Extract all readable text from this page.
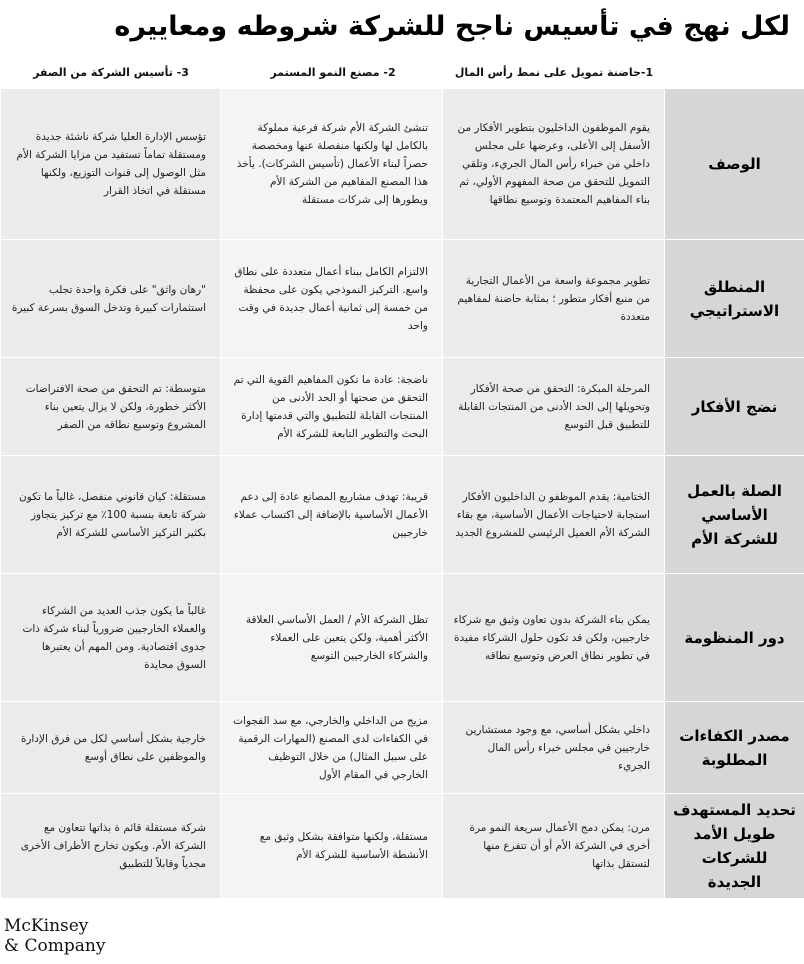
لكل نهج في تأسيس ناجح للشركة شروطه ومعاييره
1-حاضنة تمويل على نمط رأس المال
2- مصنع النمو المستمر
3- تأسيس الشركة من الصفر
الوصف	يقوم الموظفون الداخليون بتطوير الأفكار من الأسفل إلى الأعلى، وعرضها على مجلس داخلي من خبراء رأس المال الجريء، وتلقي التمويل للتحقق من صحة المفهوم الأولي، ثم بناء المفاهيم المعتمدة وتوسيع نطاقها	تنشئ الشركة الأم شركة فرعية مملوكة بالكامل لها ولكنها منفصلة عنها ومخصصة حصراً لبناء الأعمال (تأسيس الشركات). يأخذ هذا المصنع المفاهيم من الشركة الأم ويطورها إلى شركات مستقلة	تؤسس الإدارة العليا شركة ناشئة جديدة ومستقلة تماماً تستفيد من مزايا الشركة الأم مثل الوصول إلى قنوات التوزيع، ولكنها مستقلة في اتخاذ القرار
المنطلق الاستراتيجي	تطوير مجموعة واسعة من الأعمال التجارية من منبع أفكار متطور ؛ بمثابة حاضنة لمفاهيم متعددة	الالتزام الكامل ببناء أعمال متعددة على نطاق واسع. التركيز النموذجي يكون على محفظة من خمسة إلى ثمانية أعمال جديدة في وقت واحد	"رهان واثق" على فكرة واحدة تجلب استثمارات كبيرة وتدخل السوق بسرعة كبيرة
نضج الأفكار	المرحلة المبكرة: التحقق من صحة الأفكار وتحويلها إلى الحد الأدنى من المنتجات القابلة للتطبيق قبل التوسع	ناضجة: عادة ما تكون المفاهيم القوية التي تم التحقق من صحتها أو الحد الأدنى من المنتجات القابلة للتطبيق والتي قدمتها إدارة البحث والتطوير التابعة للشركة الأم	متوسطة: تم التحقق من صحة الافتراضات الأكثر خطورة، ولكن لا يزال يتعين بناء المشروع وتوسيع نطاقه من الصفر
الصلة بالعمل الأساسي للشركة الأم	الختامية: يقدم الموظفو ن الداخليون الأفكار استجابة لاحتياجات الأعمال الأساسية، مع بقاء الشركة الأم العميل الرئيسي للمشروع الجديد	قريبة: تهدف مشاريع المصانع عادة إلى دعم الأعمال الأساسية بالإضافة إلى اكتساب عملاء خارجيين	مستقلة: كيان قانوني منفصل، غالباً ما تكون شركة تابعة بنسبة 100٪ مع تركيز يتجاوز بكثير التركيز الأساسي للشركة الأم
دور المنظومة	يمكن بناء الشركة بدون تعاون وثيق مع شركاء خارجيين، ولكن قد تكون حلول الشركاء مفيدة في تطوير نطاق العرض وتوسيع نطاقه	تظل الشركة الأم / العمل الأساسي العلاقة الأكثر أهمية، ولكن يتعين على العملاء والشركاء الخارجيين التوسع	غالباً ما يكون جذب العديد من الشركاء والعملاء الخارجيين ضرورياً لبناء شركة ذات جدوى اقتصادية. ومن المهم أن يعتبرها السوق محايدة
مصدر الكفاءات المطلوبة	داخلي بشكل أساسي، مع وجود مستشارين خارجيين في مجلس خبراء رأس المال الجريء	مزيج من الداخلي والخارجي، مع سد الفجوات في الكفاءات لدى المصنع (المهارات الرقمية على سبيل المثال) من خلال التوظيف الخارجي في المقام الأول	خارجية بشكل أساسي لكل من فرق الإدارة والموظفين على نطاق أوسع
تحديد المستهدف طويل الأمد للشركات الجديدة	مرن: يمكن دمج الأعمال سريعة النمو مرة أخرى في الشركة الأم أو أن تتفرع منها لتستقل بذاتها	مستقلة، ولكنها متوافقة بشكل وثيق مع الأنشطة الأساسية للشركة الأم	شركة مستقلة قائم ة بذاتها تتعاون مع الشركة الأم. ويكون تخارج الأطراف الأخرى مجدياً وقابلاً للتطبيق
McKinsey
& Company
